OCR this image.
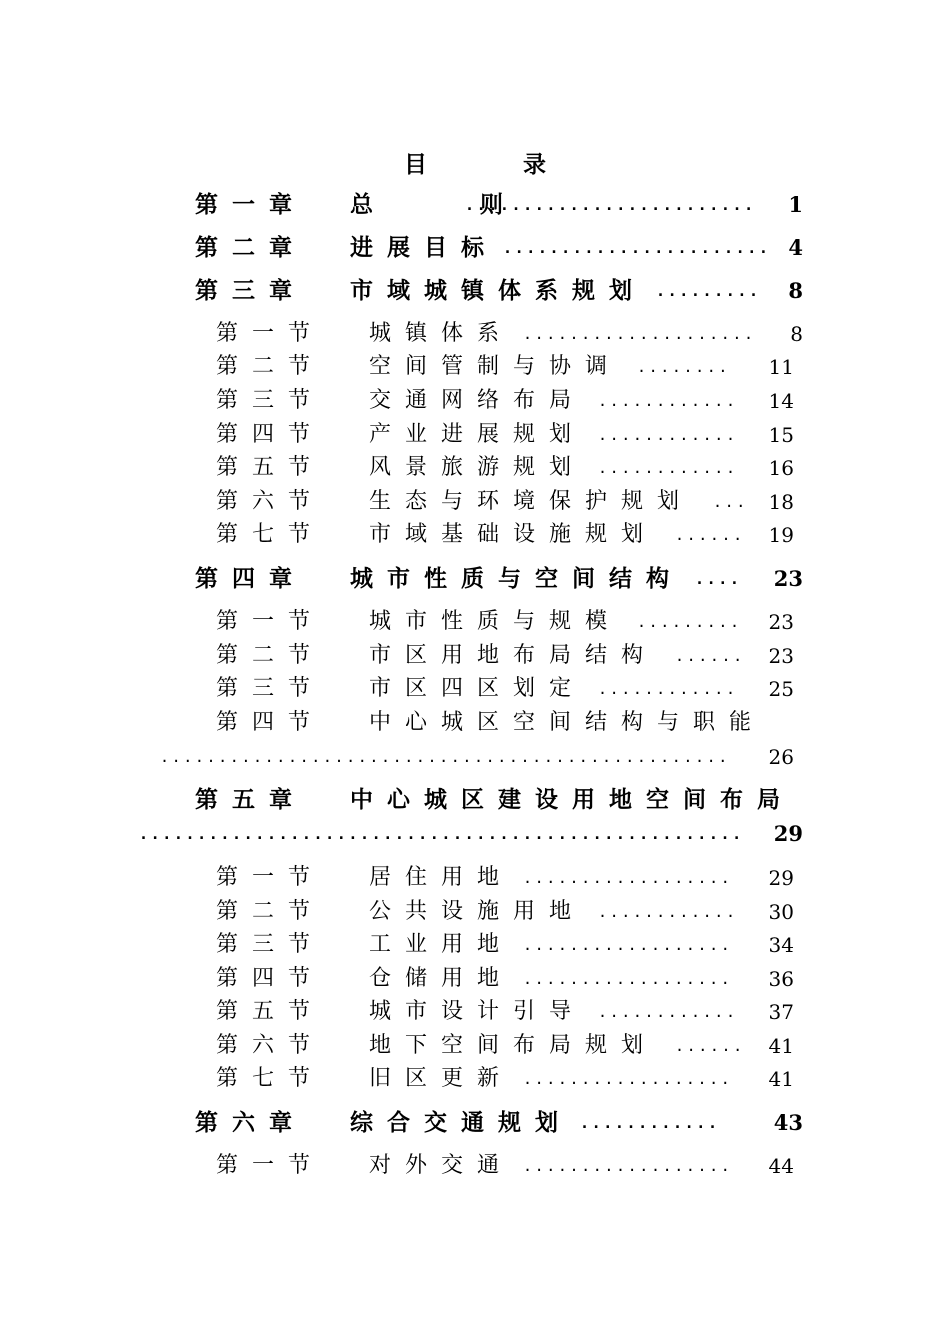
目 录
第一章 总　则
......................... 1
第二章 进展目标 ....................... 4
第三章 市域城镇体系规划 ......... 8
第一节 城镇体系 .................... 8
第二节 空间管制与协调 ........ 11
第三节 交通网络布局 ............ 14
第四节 产业进展规划 ............ 15
第五节 风景旅游规划 ............ 16
第六节 生态与环境保护规划 ... 18
第七节 市域基础设施规划 ...... 19
第四章 城市性质与空间结构 .... 23
第一节 城市性质与规模 ......... 23
第二节 市区用地布局结构 ...... 23
第三节 市区四区划定 ............ 25
第四节 中心城区空间结构与职能
................................................. 26
第五章 中心城区建设用地空间布局
.................................................... 29
第一节 居住用地 .................. 29
第二节 公共设施用地 ............ 30
第三节 工业用地 .................. 34
第四节 仓储用地 .................. 36
第五节 城市设计引导 ............ 37
第六节 地下空间布局规划 ...... 41
第七节 旧区更新 .................. 41
第六章 综合交通规划 ............	43
第一节 对外交通 .................. 44
